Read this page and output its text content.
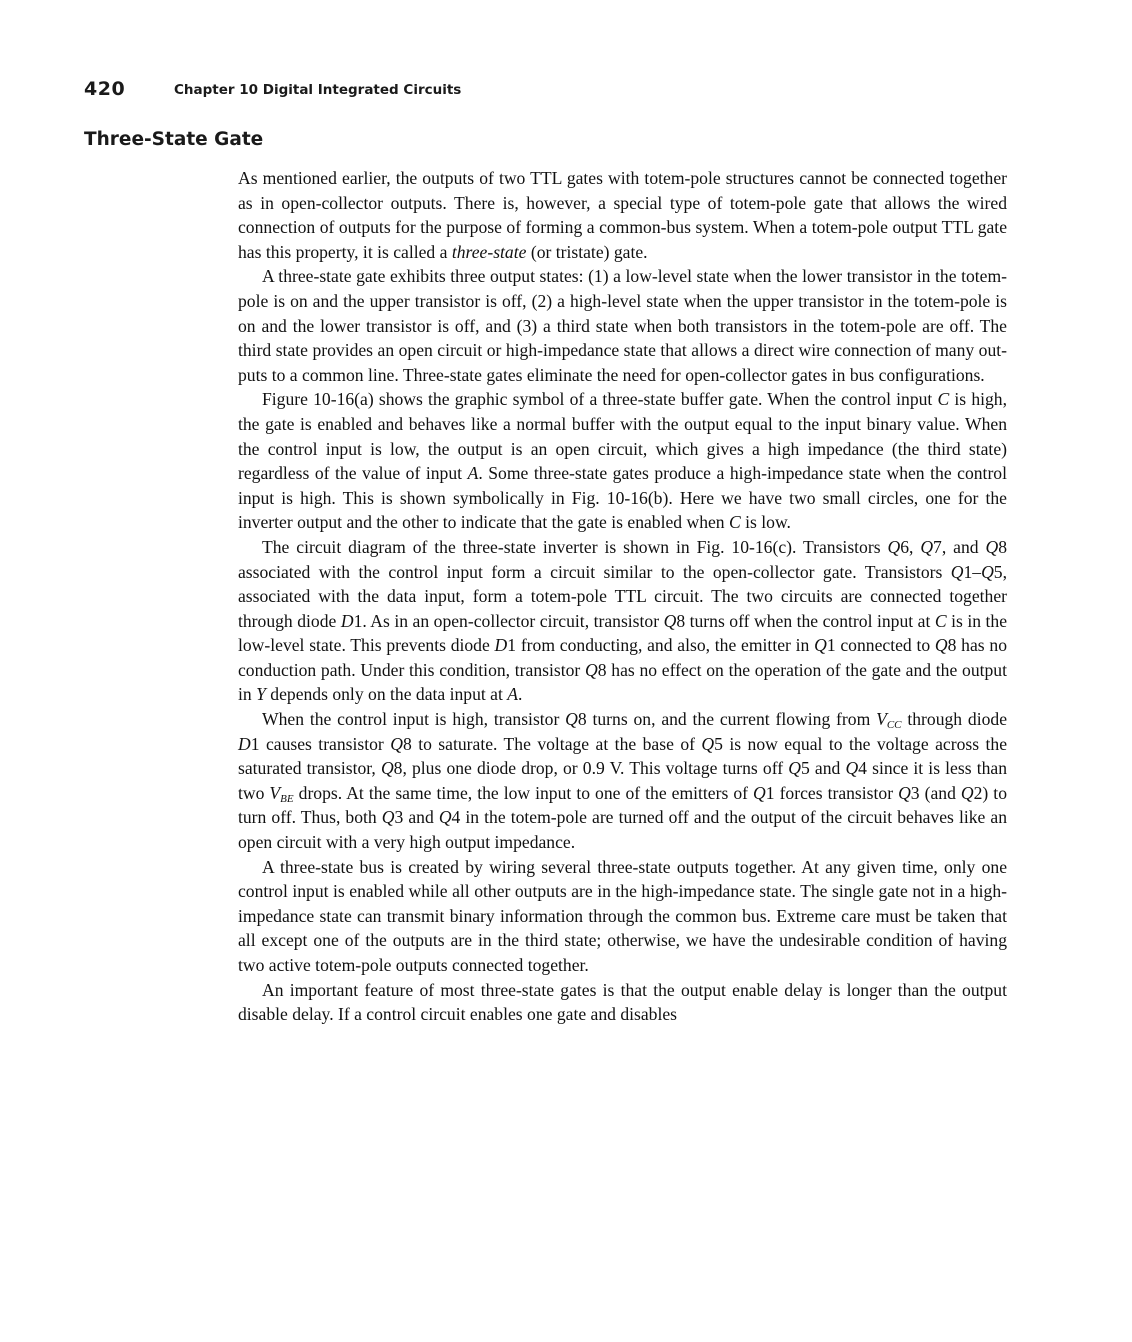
420	Chapter 10 Digital Integrated Circuits
Three-State Gate

As mentioned earlier, the outputs of two TTL gates with totem-pole structures cannot be connected together as in open-collector outputs. There is, however, a special type of totem-pole gate that allows the wired connection of outputs for the purpose of forming a common-bus system. When a totem-pole output TTL gate has this property, it is called a three-state (or tristate) gate.

A three-state gate exhibits three output states: (1) a low-level state when the lower transistor in the totem-pole is on and the upper transistor is off, (2) a high-level state when the upper transistor in the totem-pole is on and the lower transistor is off, and (3) a third state when both transistors in the totem-pole are off. The third state provides an open circuit or high-impedance state that allows a direct wire connection of many outputs to a common line. Three-state gates eliminate the need for open-collector gates in bus configurations.

Figure 10-16(a) shows the graphic symbol of a three-state buffer gate. When the control input C is high, the gate is enabled and behaves like a normal buffer with the output equal to the input binary value. When the control input is low, the output is an open circuit, which gives a high impedance (the third state) regardless of the value of input A. Some three-state gates produce a high-impedance state when the control input is high. This is shown symbolically in Fig. 10-16(b). Here we have two small circles, one for the inverter output and the other to indicate that the gate is enabled when C is low.

The circuit diagram of the three-state inverter is shown in Fig. 10-16(c). Transistors Q6, Q7, and Q8 associated with the control input form a circuit similar to the open-collector gate. Transistors Q1–Q5, associated with the data input, form a totem-pole TTL circuit. The two circuits are connected together through diode D1. As in an open-collector circuit, transistor Q8 turns off when the control input at C is in the low-level state. This prevents diode D1 from conducting, and also, the emitter in Q1 connected to Q8 has no conduction path. Under this condition, transistor Q8 has no effect on the operation of the gate and the output in Y depends only on the data input at A.

When the control input is high, transistor Q8 turns on, and the current flowing from $V_{CC}$ through diode D1 causes transistor Q8 to saturate. The voltage at the base of Q5 is now equal to the voltage across the saturated transistor, Q8, plus one diode drop, or 0.9 V. This voltage turns off Q5 and Q4 since it is less than two $V_{BE}$ drops. At the same time, the low input to one of the emitters of Q1 forces transistor Q3 (and Q2) to turn off. Thus, both Q3 and Q4 in the totem-pole are turned off and the output of the circuit behaves like an open circuit with a very high output impedance.

A three-state bus is created by wiring several three-state outputs together. At any given time, only one control input is enabled while all other outputs are in the high-impedance state. The single gate not in a high-impedance state can transmit binary information through the common bus. Extreme care must be taken that all except one of the outputs are in the third state; otherwise, we have the undesirable condition of having two active totem-pole outputs connected together.

An important feature of most three-state gates is that the output enable delay is longer than the output disable delay. If a control circuit enables one gate and disables
